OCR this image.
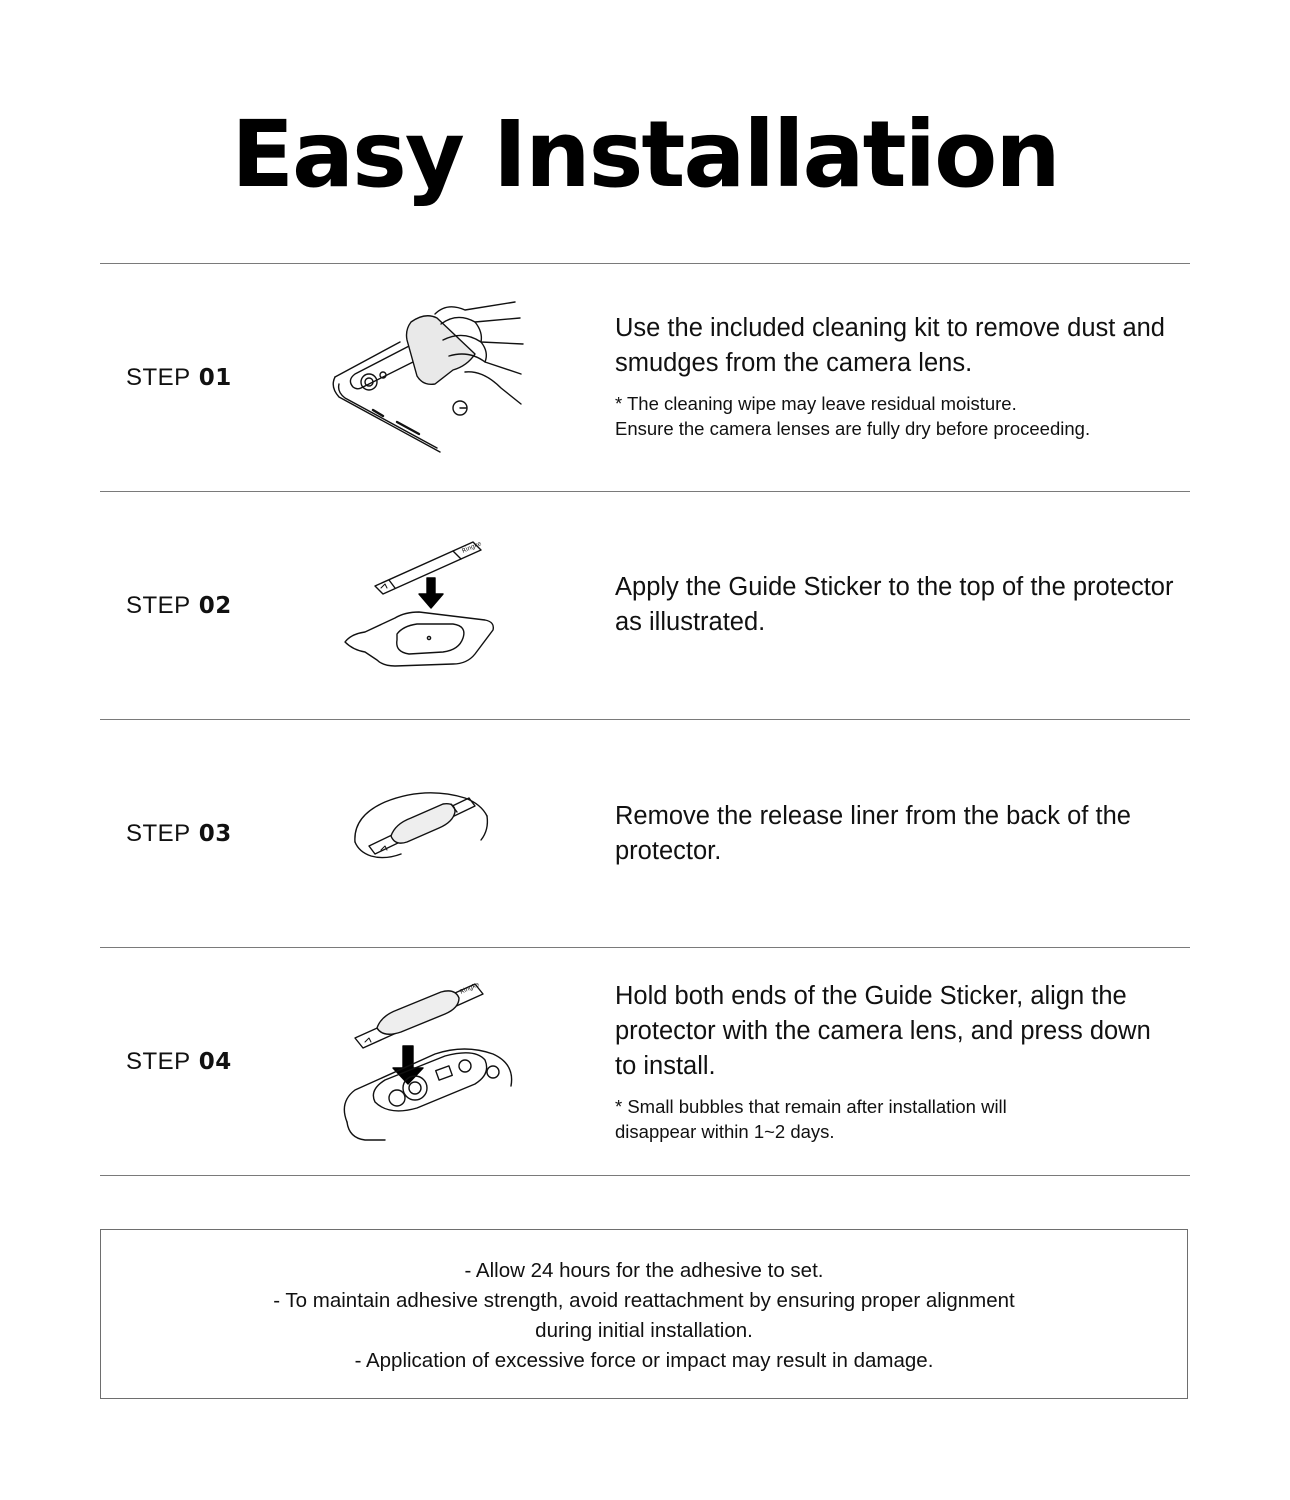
Easy Installation
STEP 01

Use the included cleaning kit to remove dust and smudges from the camera lens.

* The cleaning wipe may leave residual moisture.
Ensure the camera lenses are fully dry before proceeding.

STEP 02
Ringke

Apply the Guide Sticker to the top of the protector as illustrated.

STEP 03

Remove the release liner from the back of the protector.

STEP 04
Ringke	Hold both ends of the Guide Sticker, align the protector with the camera lens, and press down to install.

* Small bubbles that remain after installation will
disappear within 1~2 days.

- Allow 24 hours for the adhesive to set.

- To maintain adhesive strength, avoid reattachment by ensuring proper alignment

during initial installation.

- Application of excessive force or impact may result in damage.
